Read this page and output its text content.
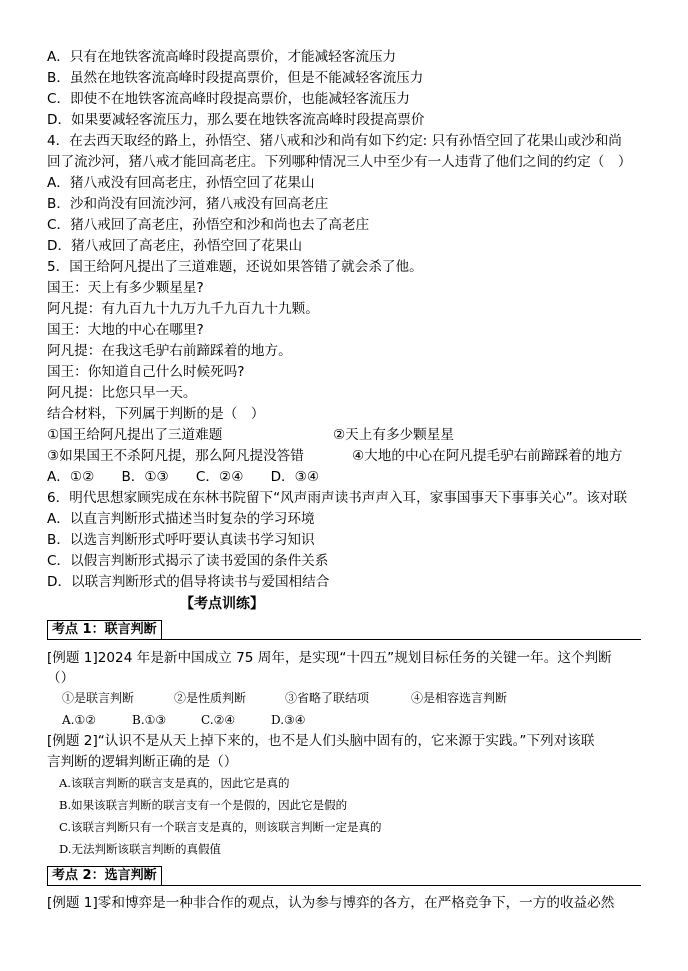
A．只有在地铁客流高峰时段提高票价，才能减轻客流压力
B．虽然在地铁客流高峰时段提高票价，但是不能减轻客流压力
C．即使不在地铁客流高峰时段提高票价，也能减轻客流压力
D．如果要减轻客流压力，那么要在地铁客流高峰时段提高票价
4．在去西天取经的路上，孙悟空、猪八戒和沙和尚有如下约定: 只有孙悟空回了花果山或沙和尚
回了流沙河，猪八戒才能回高老庄。下列哪种情况三人中至少有一人违背了他们之间的约定（　）
A．猪八戒没有回高老庄，孙悟空回了花果山
B．沙和尚没有回流沙河，猪八戒没有回高老庄
C．猪八戒回了高老庄，孙悟空和沙和尚也去了高老庄
D．猪八戒回了高老庄，孙悟空回了花果山
5．国王给阿凡提出了三道难题，还说如果答错了就会杀了他。
国王：天上有多少颗星星?
阿凡提：有九百九十九万九千九百九十九颗。
国王：大地的中心在哪里?
阿凡提：在我这毛驴右前蹄踩着的地方。
国王：你知道自己什么时候死吗?
阿凡提：比您只早一天。
结合材料，下列属于判断的是（　）
①国王给阿凡提出了三道难题	②天上有多少颗星星
③如果国王不杀阿凡提，那么阿凡提没答错	④大地的中心在阿凡提毛驴右前蹄踩着的地方
A．①②　　B．①③　　C．②④　　D．③④
6．明代思想家顾宪成在东林书院留下“风声雨声读书声声入耳，家事国事天下事事关心”。该对联
A．以直言判断形式描述当时复杂的学习环境
B．以选言判断形式呼吁要认真读书学习知识
C．以假言判断形式揭示了读书爱国的条件关系
D．以联言判断形式的倡导将读书与爱国相结合
【考点训练】
考点 1：联言判断
[例题 1]2024 年是新中国成立 75 周年，是实现“十四五”规划目标任务的关键一年。这个判断
（）
①是联言判断	②是性质判断	③省略了联结项	④是相容选言判断
A.①②	B.①③	C.②④	D.③④
[例题 2]“认识不是从天上掉下来的，也不是人们头脑中固有的，它来源于实践。”下列对该联
言判断的逻辑判断正确的是（）
A.该联言判断的联言支是真的，因此它是真的
B.如果该联言判断的联言支有一个是假的，因此它是假的
C.该联言判断只有一个联言支是真的，则该联言判断一定是真的
D.无法判断该联言判断的真假值
考点 2：选言判断
[例题 1]零和博弈是一种非合作的观点，认为参与博弈的各方，在严格竞争下，一方的收益必然
